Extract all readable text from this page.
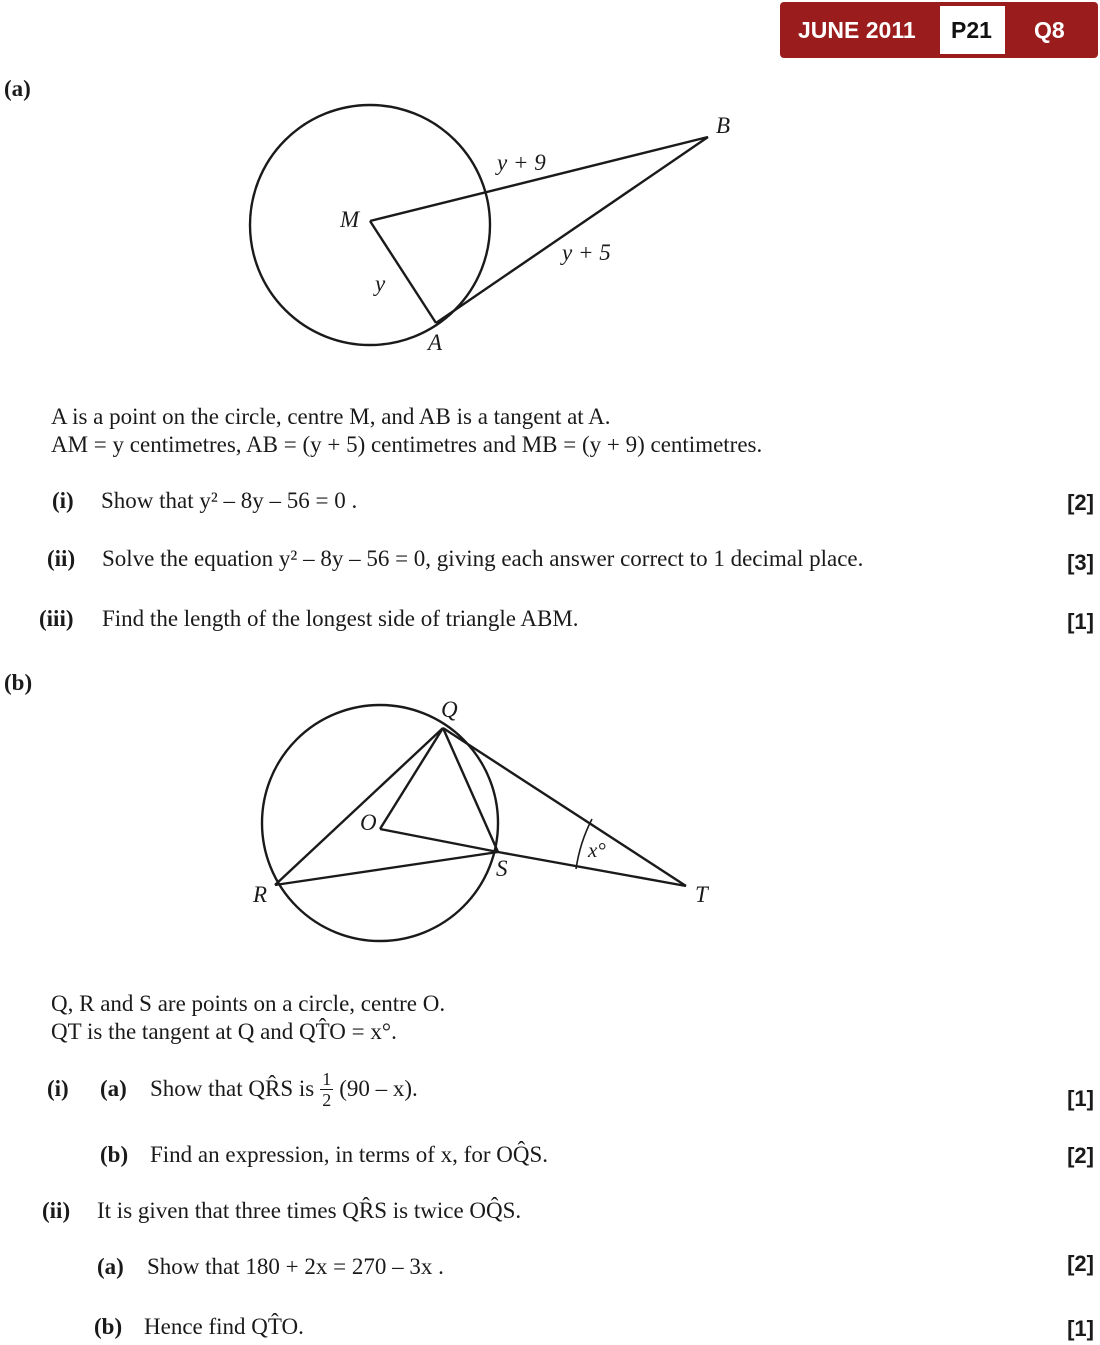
JUNE 2011 P21 Q8
(a)
B
M
A
y + 9
y + 5
y
A is a point on the circle, centre M, and AB is a tangent at A.
AM = y centimetres, AB = (y + 5) centimetres and MB = (y + 9) centimetres.
(i) Show that y² – 8y – 56 = 0 .	[2]
(ii) Solve the equation y² – 8y – 56 = 0, giving each answer correct to 1 decimal place.	[3]
(iii) Find the length of the longest side of triangle ABM.	[1]
(b)
Q
O
S
R	T
x°
Q, R and S are points on a circle, centre O.
QT is the tangent at Q and QT̂O = x°.
(i) (a) Show that QR̂S is $\frac{1}{2} (90 - x)$.	[1]
(b) Find an expression, in terms of x, for OQ̂S.	[2]
(ii) It is given that three times QR̂S is twice OQ̂S.
(a) Show that 180 + 2x = 270 – 3x .	[2]
(b) Hence find QT̂O.	[1]
